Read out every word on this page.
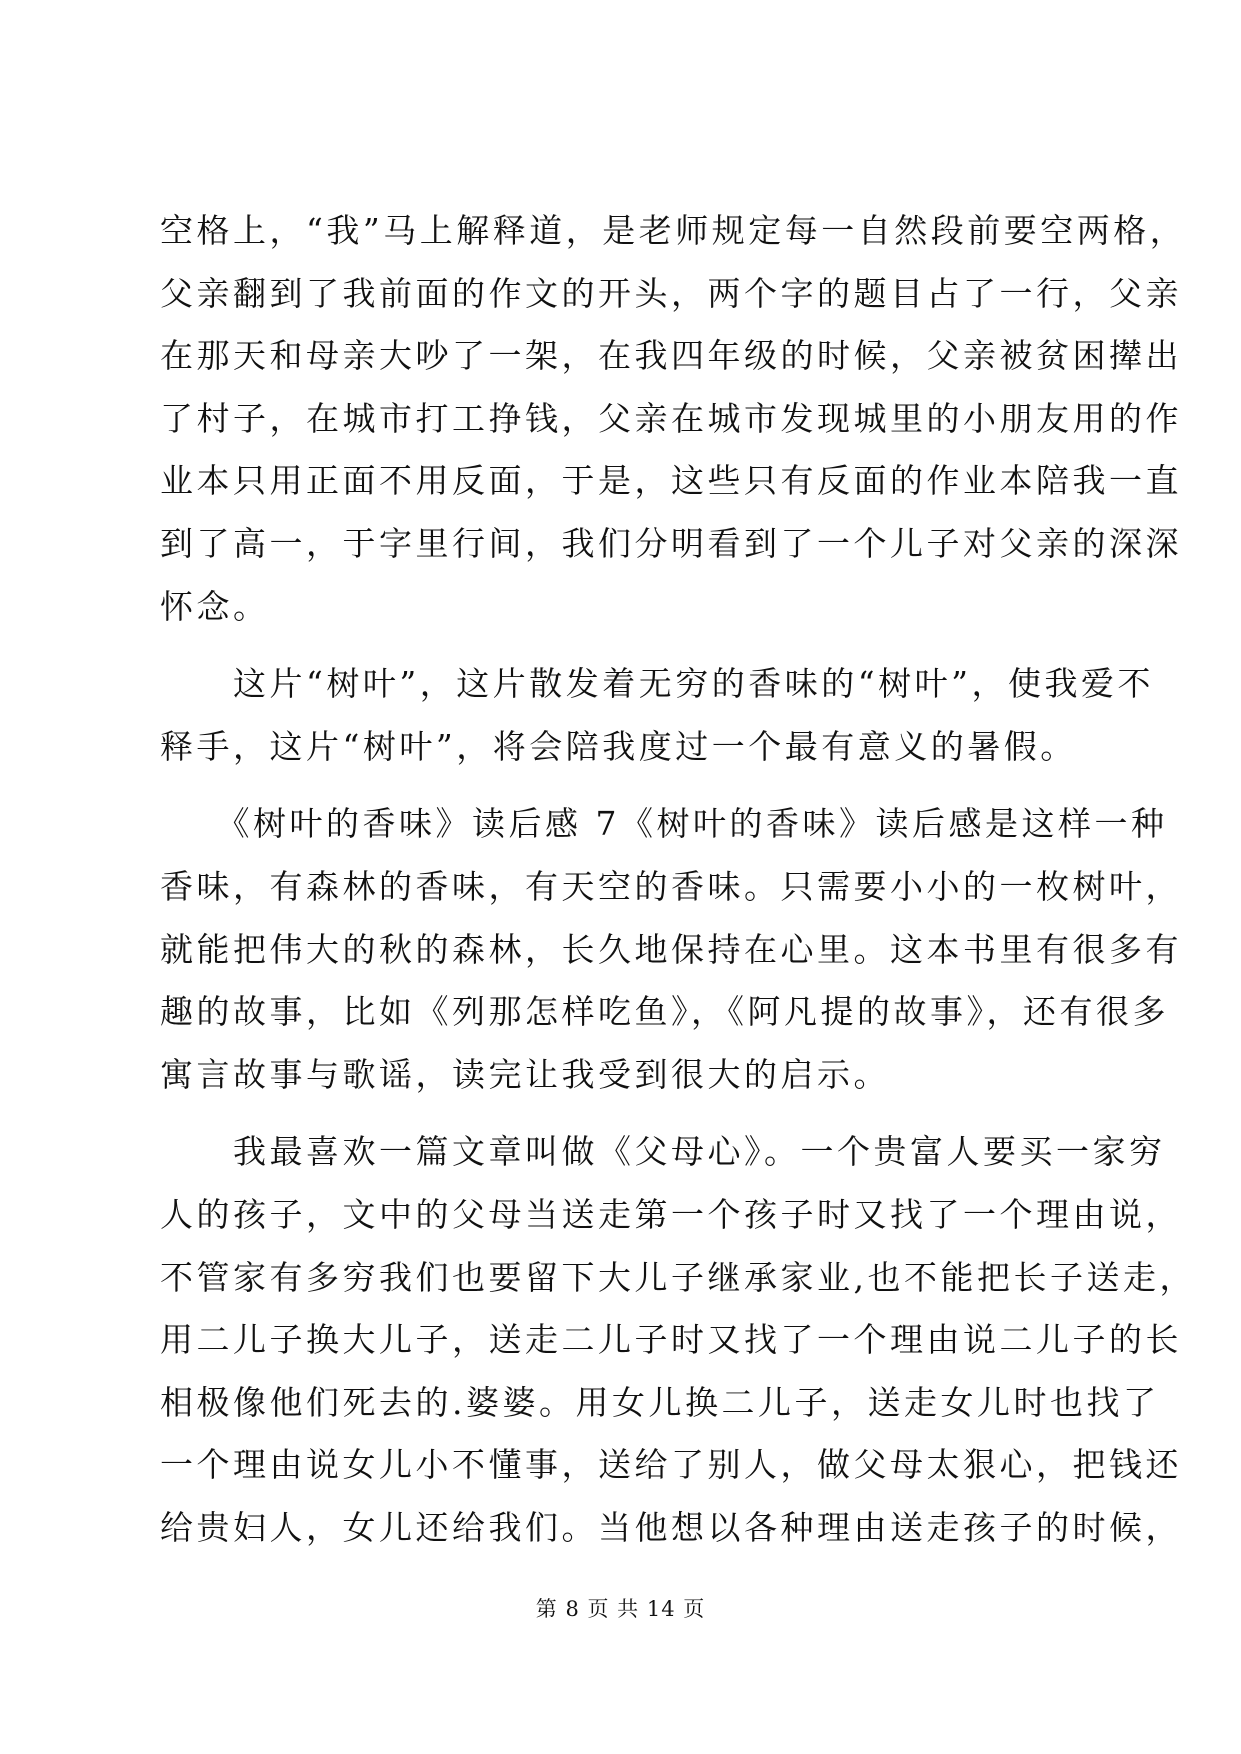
空格上，“我”马上解释道，是老师规定每一自然段前要空两格，
父亲翻到了我前面的作文的开头，两个字的题目占了一行，父亲
在那天和母亲大吵了一架，在我四年级的时候，父亲被贫困撵出
了村子，在城市打工挣钱，父亲在城市发现城里的小朋友用的作
业本只用正面不用反面，于是，这些只有反面的作业本陪我一直
到了高一，于字里行间，我们分明看到了一个儿子对父亲的深深
怀念。
　　这片“树叶”，这片散发着无穷的香味的“树叶”，使我爱不
释手，这片“树叶”，将会陪我度过一个最有意义的暑假。
　　《树叶的香味》读后感 7《树叶的香味》读后感是这样一种
香味，有森林的香味，有天空的香味。只需要小小的一枚树叶，
就能把伟大的秋的森林，长久地保持在心里。这本书里有很多有
趣的故事，比如《列那怎样吃鱼》，《阿凡提的故事》，还有很多
寓言故事与歌谣，读完让我受到很大的启示。
　　我最喜欢一篇文章叫做《父母心》。一个贵富人要买一家穷
人的孩子，文中的父母当送走第一个孩子时又找了一个理由说，
不管家有多穷我们也要留下大儿子继承家业,也不能把长子送走，
用二儿子换大儿子，送走二儿子时又找了一个理由说二儿子的长
相极像他们死去的.婆婆。用女儿换二儿子，送走女儿时也找了
一个理由说女儿小不懂事，送给了别人，做父母太狠心，把钱还
给贵妇人，女儿还给我们。当他想以各种理由送走孩子的时候，
第 8 页 共 14 页
